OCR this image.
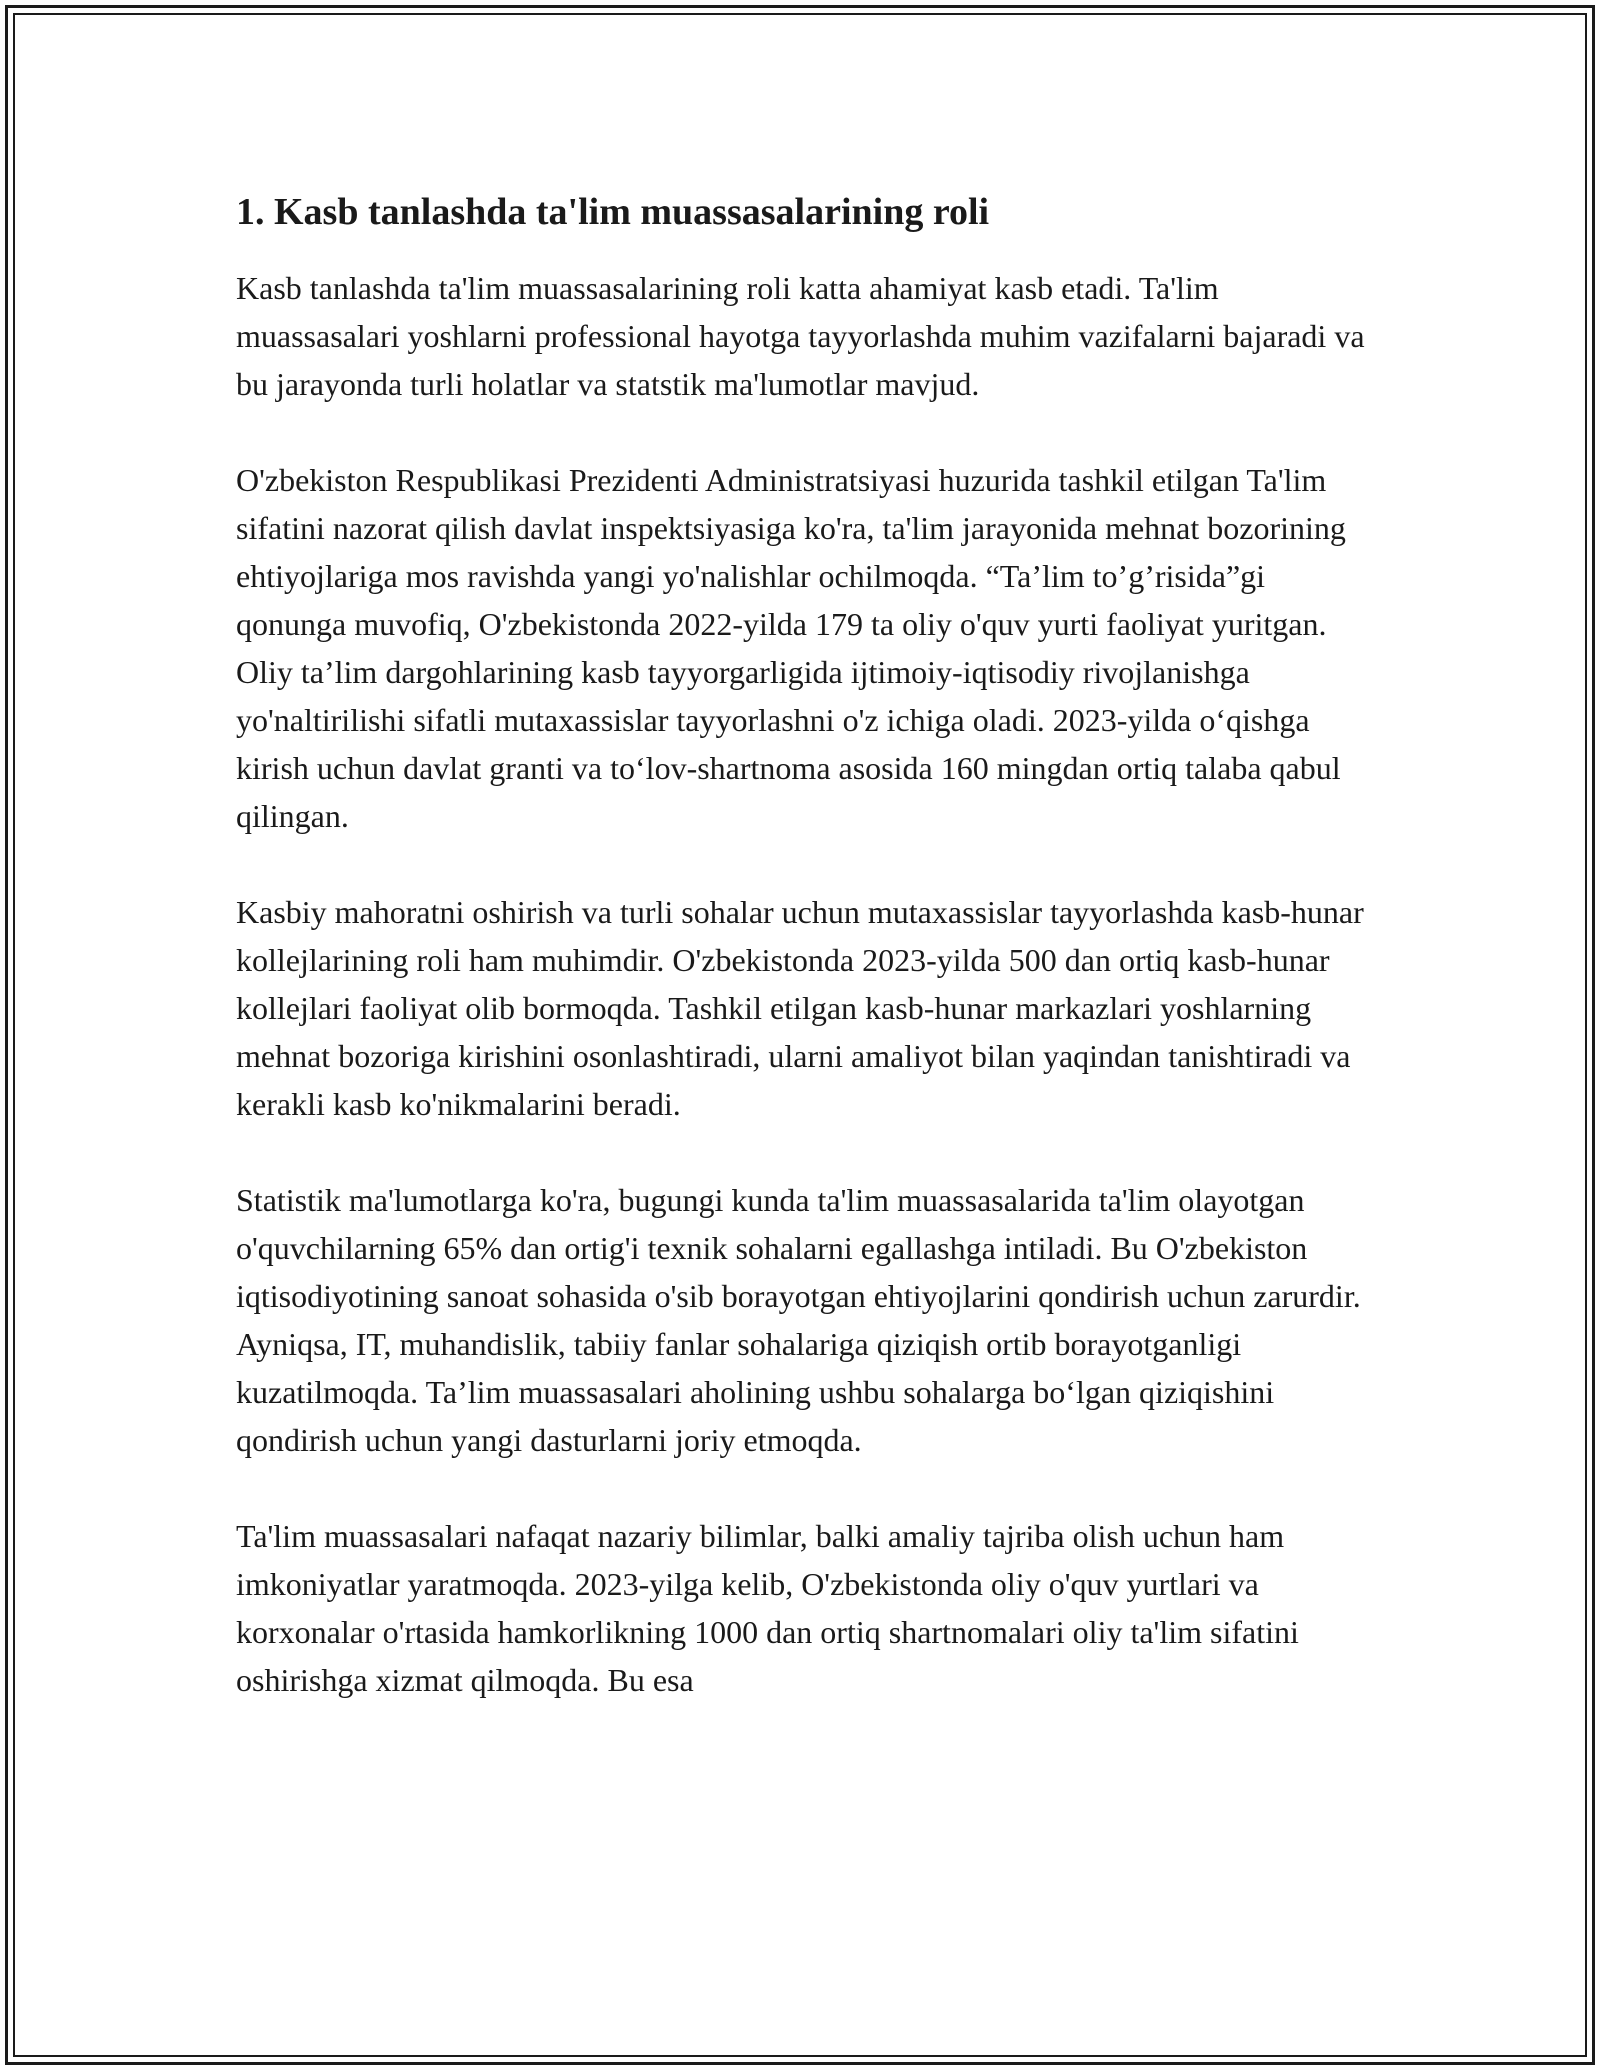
1. Kasb tanlashda ta'lim muassasalarining roli

Kasb tanlashda ta'lim muassasalarining roli katta ahamiyat kasb etadi. Ta'lim muassasalari yoshlarni professional hayotga tayyorlashda muhim vazifalarni bajaradi va bu jarayonda turli holatlar va statstik ma'lumotlar mavjud.

O'zbekiston Respublikasi Prezidenti Administratsiyasi huzurida tashkil etilgan Ta'lim sifatini nazorat qilish davlat inspektsiyasiga ko'ra, ta'lim jarayonida mehnat bozorining ehtiyojlariga mos ravishda yangi yo'nalishlar ochilmoqda. “Ta’lim to’g’risida”gi qonunga muvofiq, O'zbekistonda 2022-yilda 179 ta oliy o'quv yurti faoliyat yuritgan. Oliy ta’lim dargohlarining kasb tayyorgarligida ijtimoiy-iqtisodiy rivojlanishga yo'naltirilishi sifatli mutaxassislar tayyorlashni o'z ichiga oladi. 2023-yilda o‘qishga kirish uchun davlat granti va to‘lov-shartnoma asosida 160 mingdan ortiq talaba qabul qilingan.

Kasbiy mahoratni oshirish va turli sohalar uchun mutaxassislar tayyorlashda kasb-hunar kollejlarining roli ham muhimdir. O'zbekistonda 2023-yilda 500 dan ortiq kasb-hunar kollejlari faoliyat olib bormoqda. Tashkil etilgan kasb-hunar markazlari yoshlarning mehnat bozoriga kirishini osonlashtiradi, ularni amaliyot bilan yaqindan tanishtiradi va kerakli kasb ko'nikmalarini beradi.

Statistik ma'lumotlarga ko'ra, bugungi kunda ta'lim muassasalarida ta'lim olayotgan o'quvchilarning 65% dan ortig'i texnik sohalarni egallashga intiladi. Bu O'zbekiston iqtisodiyotining sanoat sohasida o'sib borayotgan ehtiyojlarini qondirish uchun zarurdir. Ayniqsa, IT, muhandislik, tabiiy fanlar sohalariga qiziqish ortib borayotganligi kuzatilmoqda. Ta’lim muassasalari aholining ushbu sohalarga bo‘lgan qiziqishini qondirish uchun yangi dasturlarni joriy etmoqda.

Ta'lim muassasalari nafaqat nazariy bilimlar, balki amaliy tajriba olish uchun ham imkoniyatlar yaratmoqda. 2023-yilga kelib, O'zbekistonda oliy o'quv yurtlari va korxonalar o'rtasida hamkorlikning 1000 dan ortiq shartnomalari oliy ta'lim sifatini oshirishga xizmat qilmoqda. Bu esa
